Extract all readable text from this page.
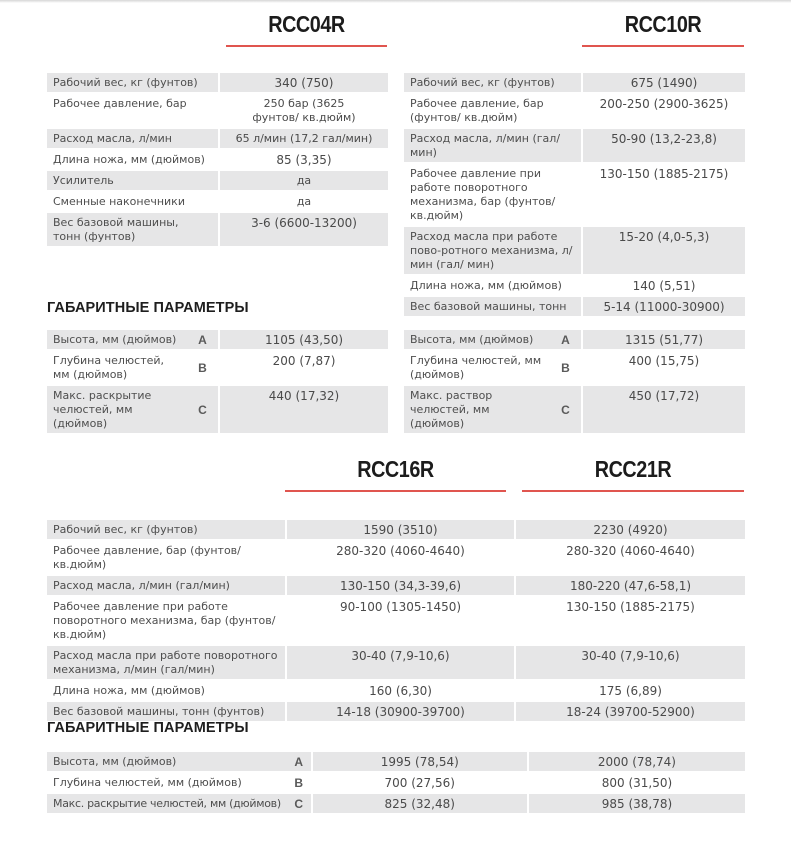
RCC04R	RCC10R
Рабочий вес, кг (фунтов)	340 (750)
Рабочее давление, бар	250 бар (3625 фунтов/ кв.дюйм)
Расход масла, л/мин	65 л/мин (17,2 гал/мин)
Длина ножа, мм (дюймов)	85 (3,35)
Усилитель	да
Сменные наконечники	да
Вес базовой машины, тонн (фунтов)	3-6 (6600-13200)
Рабочий вес, кг (фунтов)	675 (1490)
Рабочее давление, бар (фунтов/ кв.дюйм)	200-250 (2900-3625)
Расход масла, л/мин (гал/мин)	50-90 (13,2-23,8)
Рабочее давление при работе поворотного механизма, бар (фунтов/кв.дюйм)	130-150 (1885-2175)
Расход масла при работе пово-ротного механизма, л/мин (гал/ мин)	15-20 (4,0-5,3)
Длина ножа, мм (дюймов)	140 (5,51)
Вес базовой машины, тонн	5-14 (11000-30900)
ГАБАРИТНЫЕ ПАРАМЕТРЫ
Высота, мм (дюймов)	A	1105 (43,50)
Глубина челюстей, мм (дюймов)	B	200 (7,87)
Макс. раскрытие челюстей, мм (дюймов)	C	440 (17,32)
Высота, мм (дюймов)	A	1315 (51,77)
Глубина челюстей, мм (дюймов)	B	400 (15,75)
Макс. раствор челюстей, мм (дюймов)	C	450 (17,72)
RCC16R	RCC21R
Рабочий вес, кг (фунтов)	1590 (3510)	2230 (4920)
Рабочее давление, бар (фунтов/кв.дюйм)	280-320 (4060-4640)	280-320 (4060-4640)
Расход масла, л/мин (гал/мин)	130-150 (34,3-39,6)	180-220 (47,6-58,1)
Рабочее давление при работе поворотного механизма, бар (фунтов/кв.дюйм)	90-100 (1305-1450)	130-150 (1885-2175)
Расход масла при работе поворотного механизма, л/мин (гал/мин)	30-40 (7,9-10,6)	30-40 (7,9-10,6)
Длина ножа, мм (дюймов)	160 (6,30)	175 (6,89)
Вес базовой машины, тонн (фунтов)	14-18 (30900-39700)	18-24 (39700-52900)
ГАБАРИТНЫЕ ПАРАМЕТРЫ
Высота, мм (дюймов)	A	1995 (78,54)	2000 (78,74)
Глубина челюстей, мм (дюймов)	B	700 (27,56)	800 (31,50)
Макс. раскрытие челюстей, мм (дюймов)	C	825 (32,48)	985 (38,78)
